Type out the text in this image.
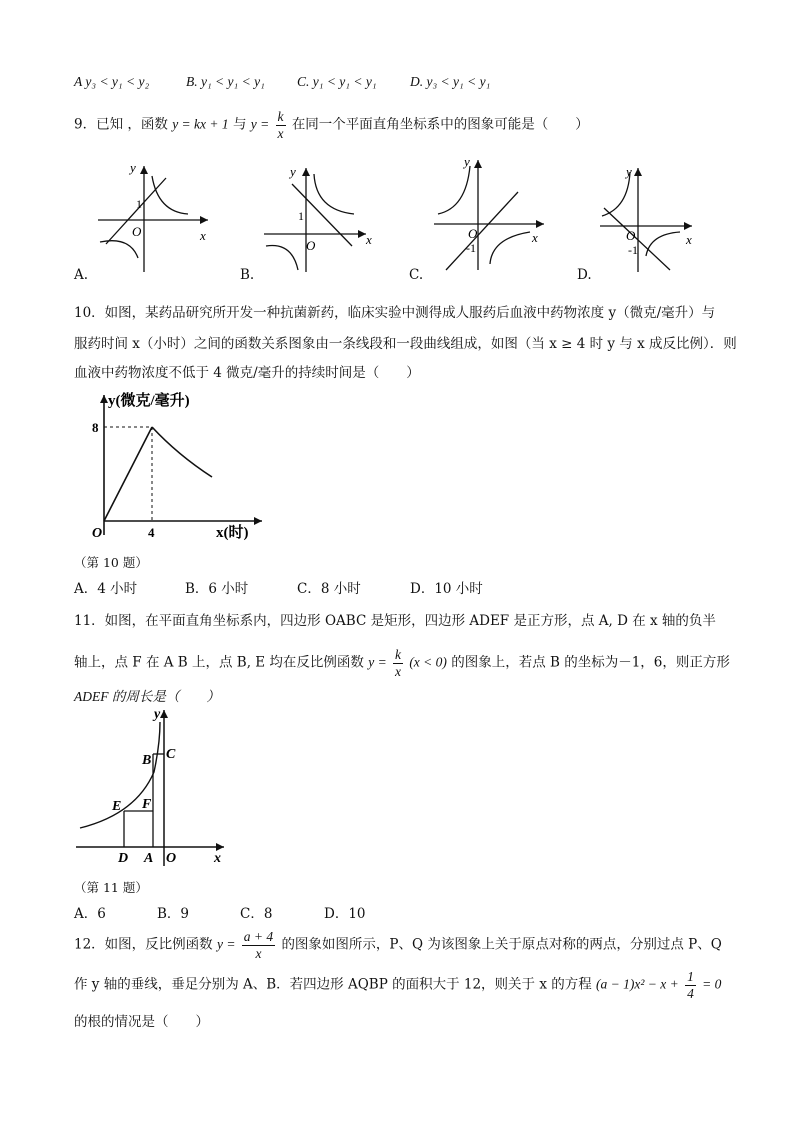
A y₃ < y₁ < y₂	B. y₁ < y₁ < y₁ C. y₁ < y₁ < y₁ D. y₃ < y₁ < y₁
9．已知 ，函数 y = kx + 1 与 $y = \frac{k}{x}$ 在同一个平面直角坐标系中的图象可能是（　　）
y
1
O	x
A.
y
1
O	x
B.
y
O
-1
x
C.
y
O
-1
x
D.
10．如图，某药品研究所开发一种抗菌新药，临床实验中测得成人服药后血液中药物浓度 y（微克/毫升）与
服药时间 x（小时）之间的函数关系图象由一条线段和一段曲线组成，如图（当 x ≥ 4 时 y 与 x 成反比例）．则
血液中药物浓度不低于 4 微克/毫升的持续时间是（　　）
y(微克/毫升)
8
4
O	x(时)
（第 10 题）
A．4 小时	B．6 小时	C．8 小时	D．10 小时
11．如图，在平面直角坐标系内，四边形 OABC 是矩形，四边形 ADEF 是正方形，点 A, D 在 x 轴的负半
轴上，点 F 在 A B 上，点 B, E 均在反比例函数 $y = \frac{k}{x} (x < 0)$ 的图象上，若点 B 的坐标为－1，6，则正方形
ADEF 的周长是（　　）
y
B C
E F
D A O	x
（第 11 题）
A．6	B．9	C．8	D．10
12．如图，反比例函数 $y = \frac{a + 4}{x}$ 的图象如图所示，P、Q 为该图象上关于原点对称的两点，分别过点 P、Q
作 y 轴的垂线，垂足分别为 A、B．若四边形 AQBP 的面积大于 12，则关于 x 的方程 $(a - 1)x^2 - x + \frac{1}{4} = 0$
的根的情况是（　　）
